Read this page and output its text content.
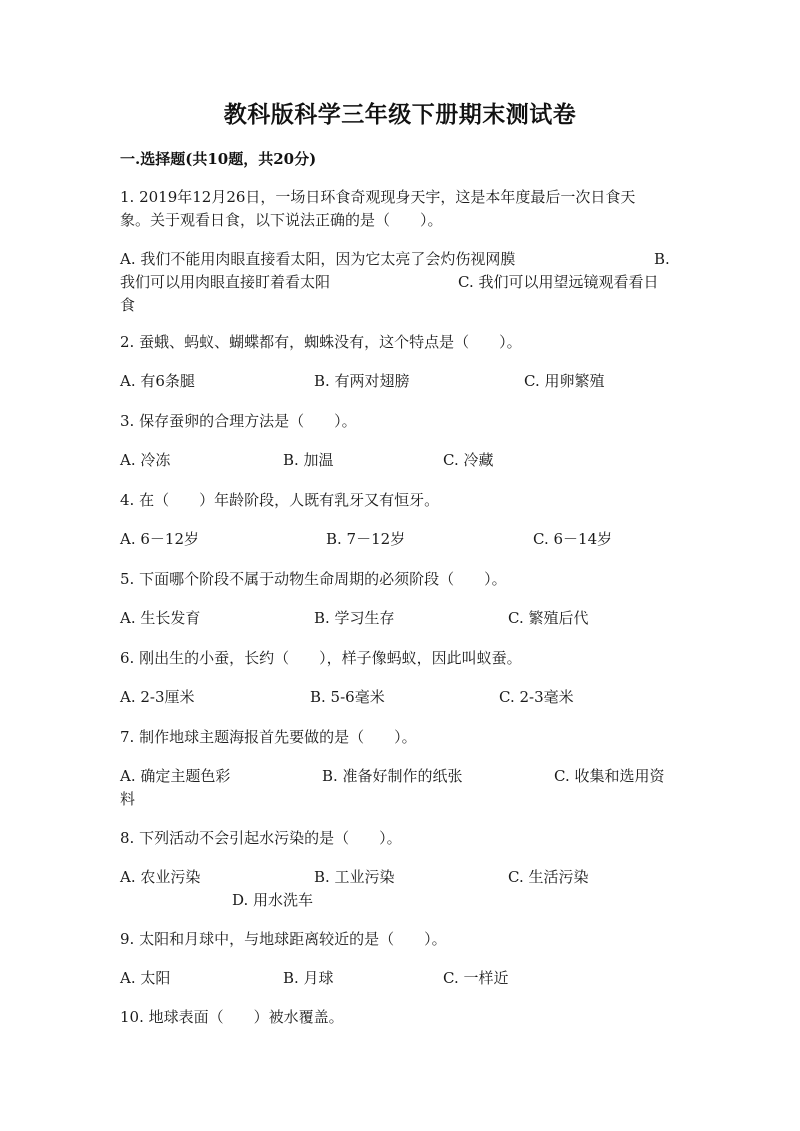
教科版科学三年级下册期末测试卷
一.选择题(共10题，共20分)
1. 2019年12月26日，一场日环食奇观现身天宇，这是本年度最后一次日食天
象。关于观看日食，以下说法正确的是（　　）。
A. 我们不能用肉眼直接看太阳，因为它太亮了会灼伤视网膜	B.
我们可以用肉眼直接盯着看太阳	C. 我们可以用望远镜观看看日
食
2. 蚕蛾、蚂蚁、蝴蝶都有，蜘蛛没有，这个特点是（　　）。
A. 有6条腿	B. 有两对翅膀	C. 用卵繁殖
3. 保存蚕卵的合理方法是（　　）。
A. 冷冻	B. 加温	C. 冷藏
4. 在（　　）年龄阶段，人既有乳牙又有恒牙。
A. 6－12岁	B. 7－12岁	C. 6－14岁
5. 下面哪个阶段不属于动物生命周期的必须阶段（　　）。
A. 生长发育	B. 学习生存	C. 繁殖后代
6. 刚出生的小蚕，长约（　　），样子像蚂蚁，因此叫蚁蚕。
A. 2-3厘米	B. 5-6毫米	C. 2-3毫米
7. 制作地球主题海报首先要做的是（　　）。
A. 确定主题色彩	B. 准备好制作的纸张	C. 收集和选用资
料
8. 下列活动不会引起水污染的是（　　）。
A. 农业污染	B. 工业污染	C. 生活污染
D. 用水洗车
9. 太阳和月球中，与地球距离较近的是（　　）。
A. 太阳	B. 月球	C. 一样近
10. 地球表面（　　）被水覆盖。
